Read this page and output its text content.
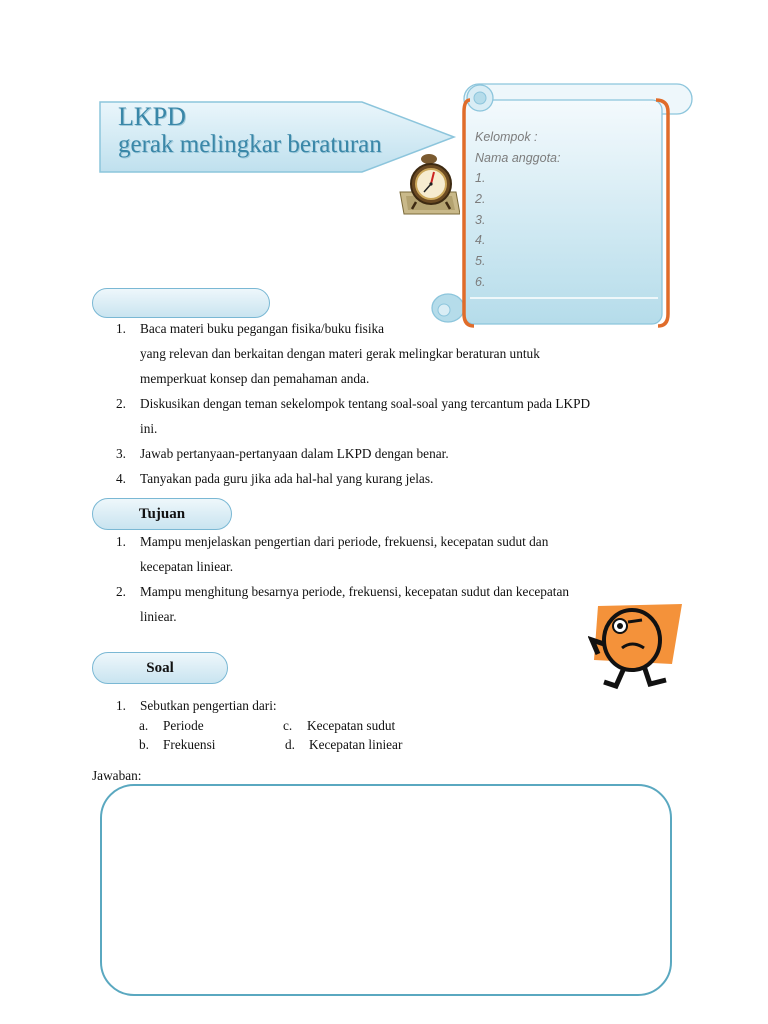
LKPD
gerak melingkar beraturan	Kelompok :
Nama anggota:
1.
2.
3.
4.
5.
6.
1. Baca materi buku pegangan fisika/buku fisika
yang relevan dan berkaitan dengan materi gerak melingkar beraturan untuk
memperkuat konsep dan pemahaman anda.
2. Diskusikan dengan teman sekelompok tentang soal-soal yang tercantum pada LKPD
ini.
3. Jawab pertanyaan-pertanyaan dalam LKPD dengan benar.
4. Tanyakan pada guru jika ada hal-hal yang kurang jelas.
Tujuan
1. Mampu menjelaskan pengertian dari periode, frekuensi, kecepatan sudut dan
kecepatan liniear.
2. Mampu menghitung besarnya periode, frekuensi, kecepatan sudut dan kecepatan
liniear.
Soal
1. Sebutkan pengertian dari:
a. Periode	c. Kecepatan sudut
b. Frekuensi	d. Kecepatan liniear
Jawaban:
